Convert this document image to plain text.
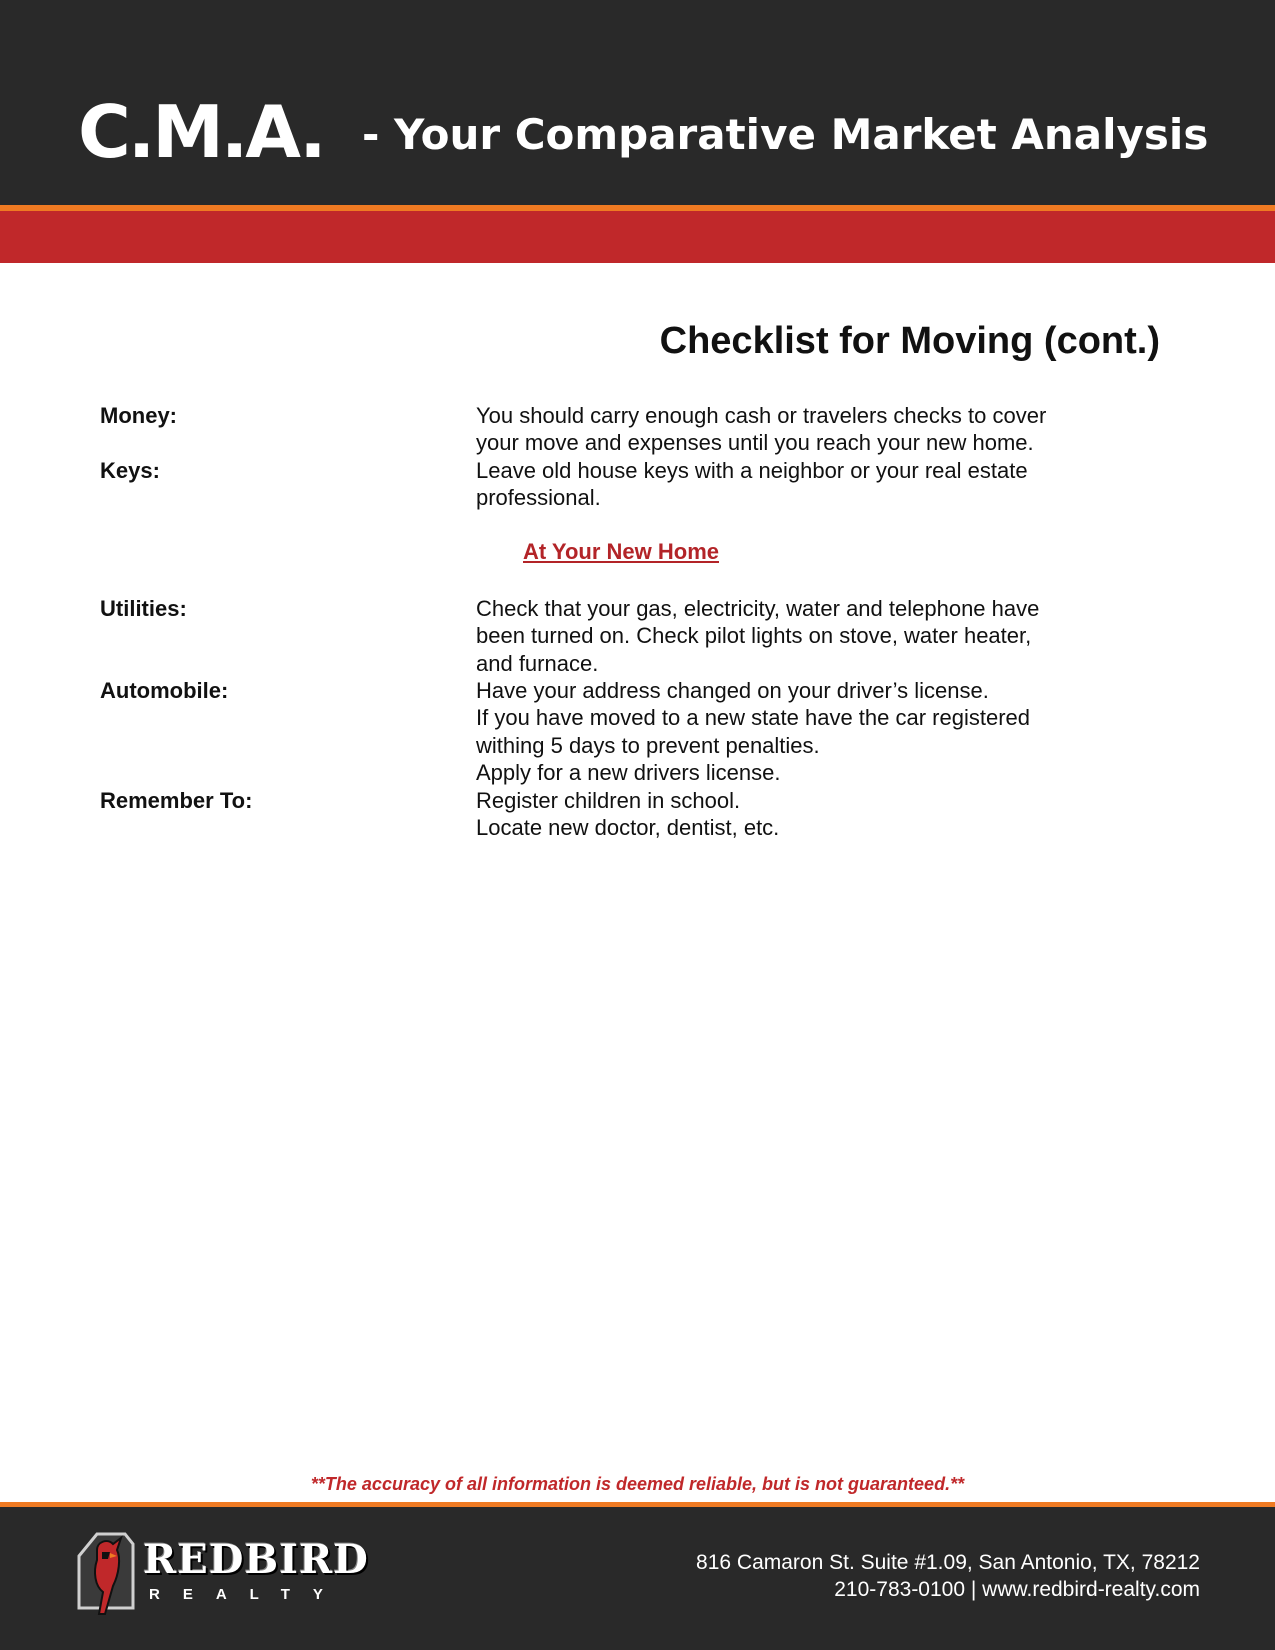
C.M.A. - Your Comparative Market Analysis
Checklist for Moving (cont.)
Money:	You should carry enough cash or travelers checks to cover
your move and expenses until you reach your new home.
Keys:	Leave old house keys with a neighbor or your real estate
professional.
At Your New Home
Utilities:	Check that your gas, electricity, water and telephone have
been turned on. Check pilot lights on stove, water heater,
and furnace.
Automobile:	Have your address changed on your driver’s license.
If you have moved to a new state have the car registered
withing 5 days to prevent penalties.
Apply for a new drivers license.
Remember To:	Register children in school.
Locate new doctor, dentist, etc.
**The accuracy of all information is deemed reliable, but is not guaranteed.**
REDBIRD
REALTY
816 Camaron St. Suite #1.09, San Antonio, TX, 78212
210-783-0100 | www.redbird-realty.com
